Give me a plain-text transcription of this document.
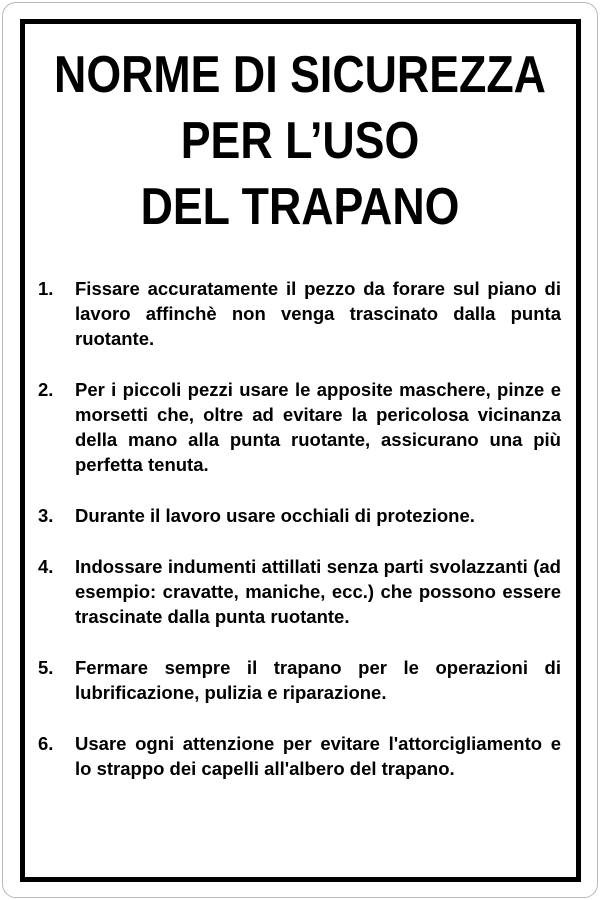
NORME DI SICUREZZA
PER L’USO
DEL TRAPANO
1.	Fissare accuratamente il pezzo da forare sul piano di lavoro affinchè non venga trascinato dalla punta ruotante.
2.	Per i piccoli pezzi usare le apposite maschere, pinze e morsetti che, oltre ad evitare la pericolosa vicinanza della mano alla punta ruotante, assicurano una più perfetta tenuta.
3.	Durante il lavoro usare occhiali di protezione.
4.	Indossare indumenti attillati senza parti svolazzanti (ad esempio: cravatte, maniche, ecc.) che possono essere trascinate dalla punta ruotante.
5.	Fermare sempre il trapano per le operazioni di lubrificazione, pulizia e riparazione.
6.	Usare ogni attenzione per evitare l'attorcigliamento e lo strappo dei capelli all'albero del trapano.
